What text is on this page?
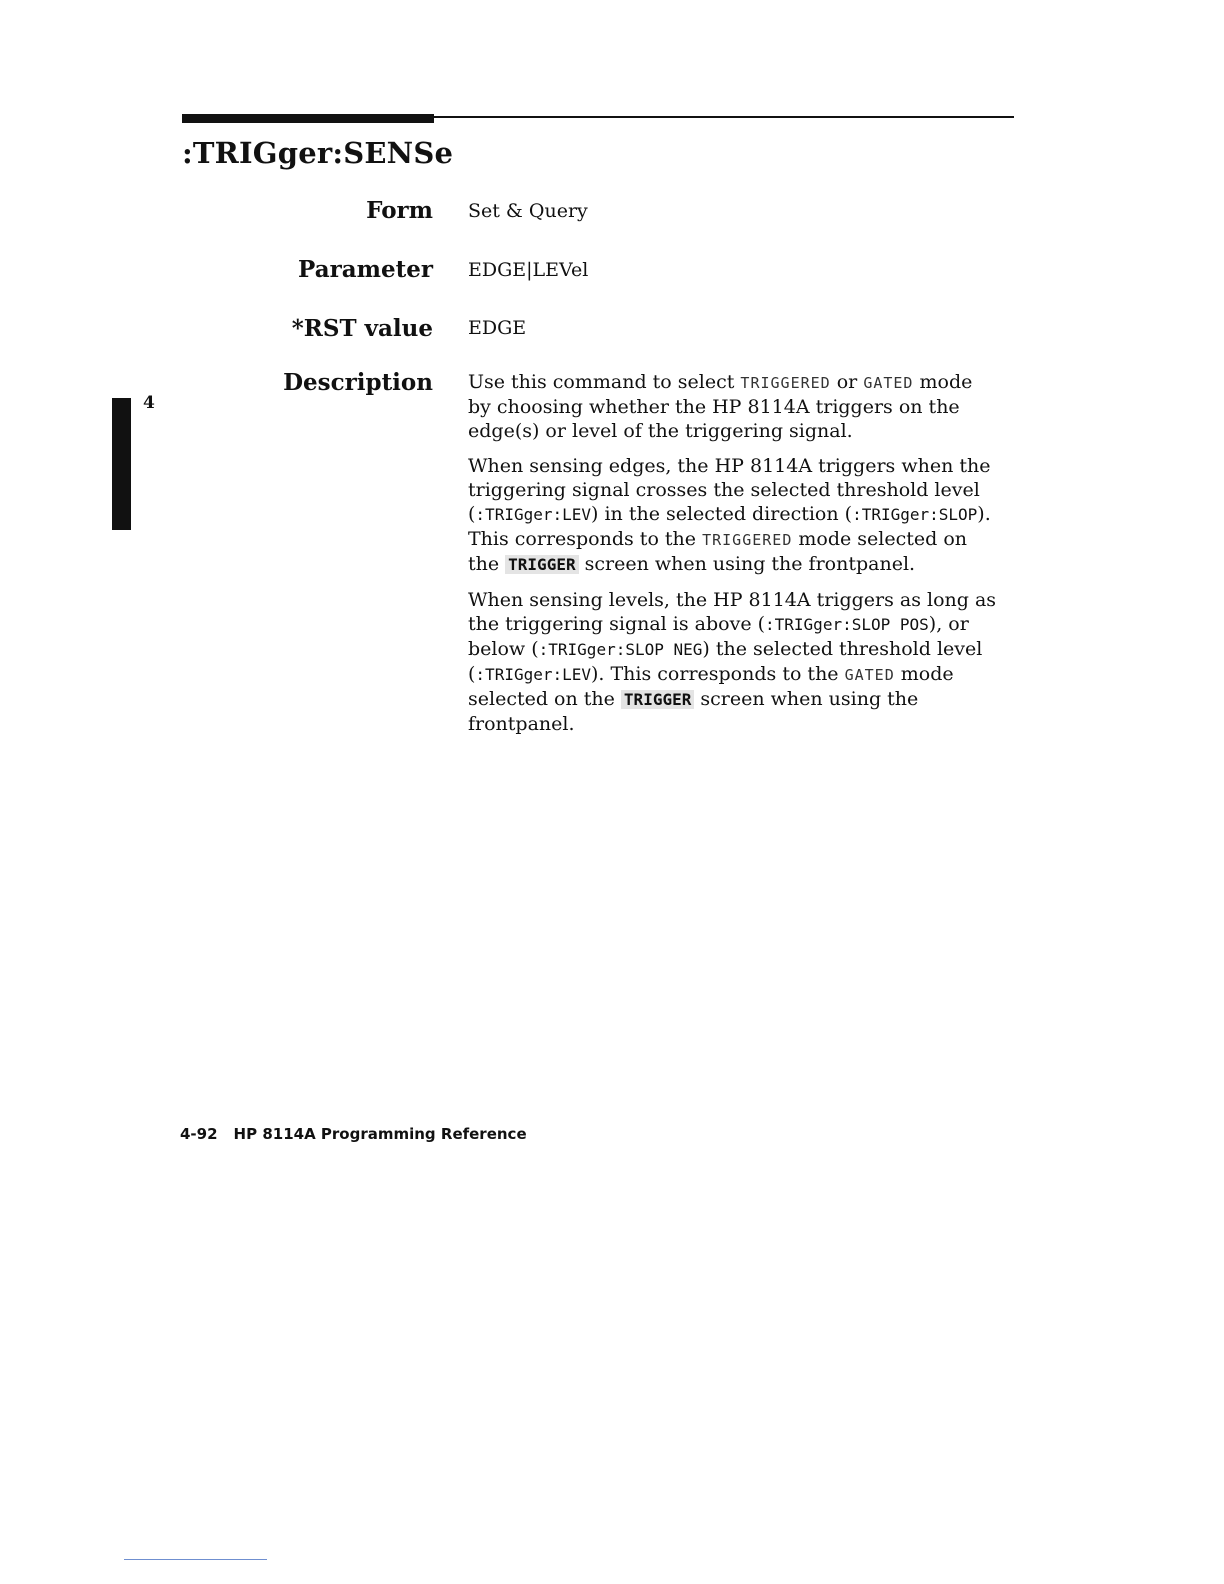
:TRIGger:SENSe
Form Set & Query
Parameter EDGE|LEVel
*RST value EDGE
Description
4

Use this command to select TRIGGERED or GATED mode by choosing whether the HP 8114A triggers on the edge(s) or level of the triggering signal.

When sensing edges, the HP 8114A triggers when the triggering signal crosses the selected threshold level (:TRIGger:LEV) in the selected direction (:TRIGger:SLOP). This corresponds to the TRIGGERED mode selected on the TRIGGER screen when using the frontpanel.

When sensing levels, the HP 8114A triggers as long as the triggering signal is above (:TRIGger:SLOP POS), or below (:TRIGger:SLOP NEG) the selected threshold level (:TRIGger:LEV). This corresponds to the GATED mode selected on the TRIGGER screen when using the frontpanel.

4-92 HP 8114A Programming Reference
